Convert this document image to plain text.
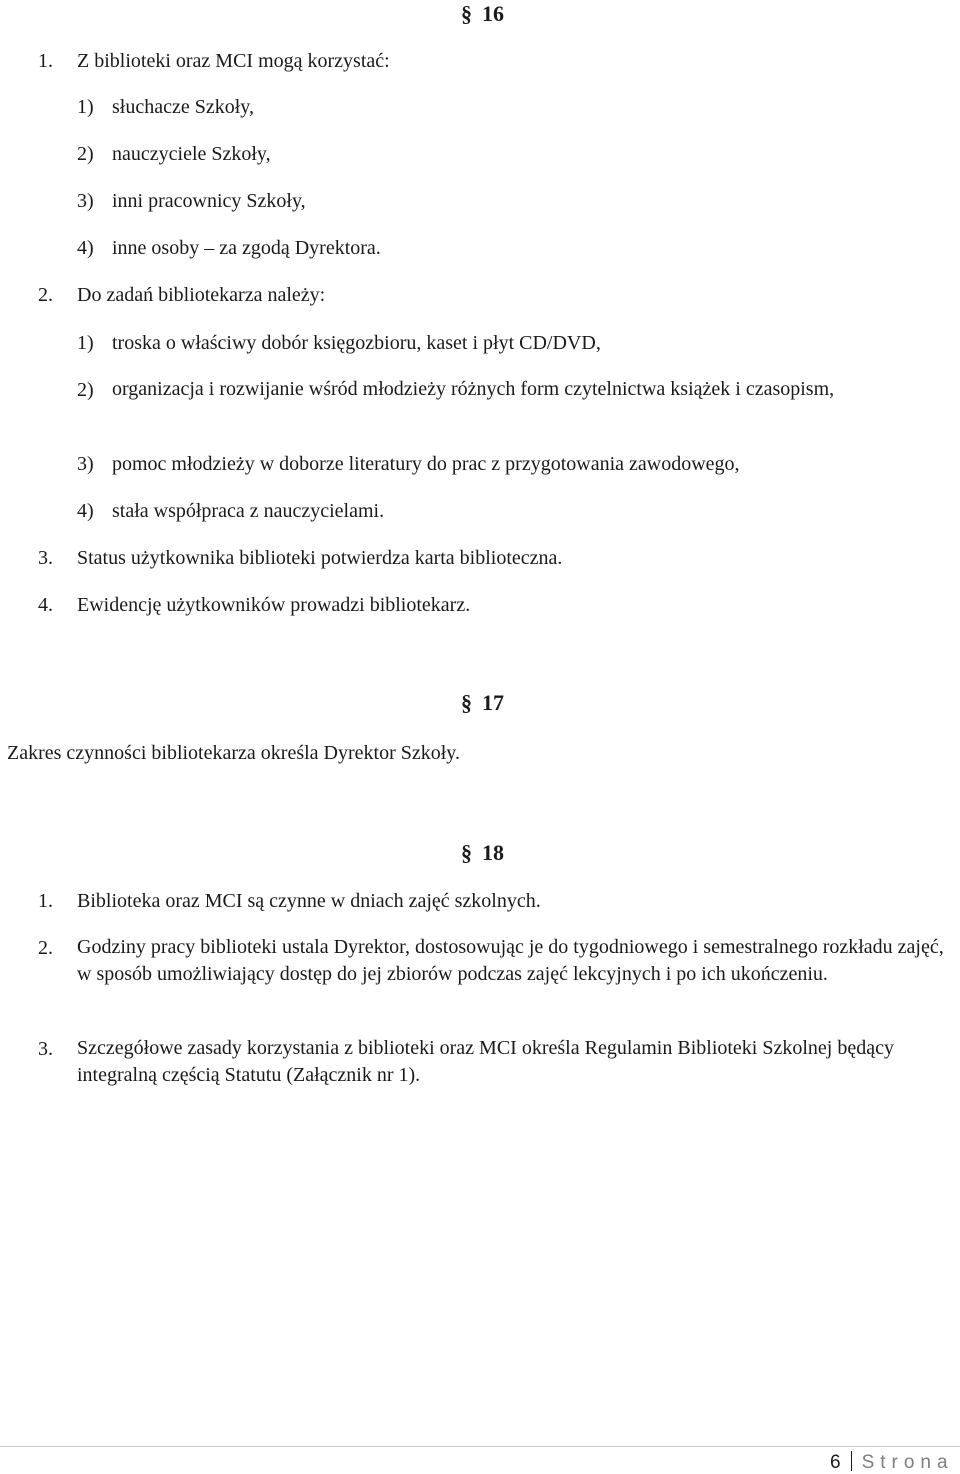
§ 16
1. Z biblioteki oraz MCI mogą korzystać:
1) słuchacze Szkoły,
2) nauczyciele Szkoły,
3) inni pracownicy Szkoły,
4) inne osoby – za zgodą Dyrektora.
2. Do zadań bibliotekarza należy:
1) troska o właściwy dobór księgozbioru, kaset i płyt CD/DVD,
2) organizacja i rozwijanie wśród młodzieży różnych form czytelnictwa książek i czasopism,
3) pomoc młodzieży w doborze literatury do prac z przygotowania zawodowego,
4) stała współpraca z nauczycielami.
3. Status użytkownika biblioteki potwierdza karta biblioteczna.
4. Ewidencję użytkowników prowadzi bibliotekarz.
§ 17
Zakres czynności bibliotekarza określa Dyrektor Szkoły.
§ 18
1. Biblioteka oraz MCI są czynne w dniach zajęć szkolnych.
2. Godziny pracy biblioteki ustala Dyrektor, dostosowując je do tygodniowego i semestralnego rozkładu zajęć, w sposób umożliwiający dostęp do jej zbiorów podczas zajęć lekcyjnych i po ich ukończeniu.
3. Szczegółowe zasady korzystania z biblioteki oraz MCI określa Regulamin Biblioteki Szkolnej będący integralną częścią Statutu (Załącznik nr 1).
6 Strona
